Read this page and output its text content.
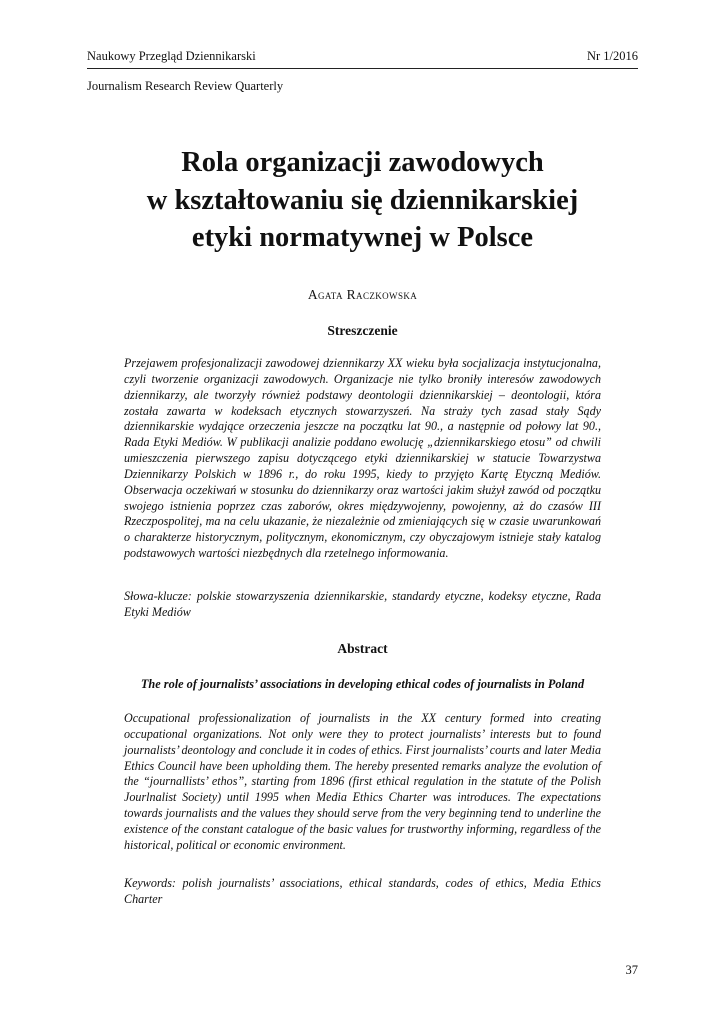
Naukowy Przegląd Dziennikarski	Nr 1/2016
Journalism Research Review Quarterly
Rola organizacji zawodowych
w kształtowaniu się dziennikarskiej
etyki normatywnej w Polsce
Agata Raczkowska
Streszczenie

Przejawem profesjonalizacji zawodowej dziennikarzy XX wieku była socjalizacja instytucjonalna, czyli tworzenie organizacji zawodowych. Organizacje nie tylko broniły interesów zawodowych dziennikarzy, ale tworzyły również podstawy deontologii dziennikarskiej – deontologii, która została zawarta w kodeksach etycznych stowarzyszeń. Na straży tych zasad stały Sądy dziennikarskie wydające orzeczenia jeszcze na początku lat 90., a następnie od połowy lat 90., Rada Etyki Mediów. W publikacji analizie poddano ewolucję „dziennikarskiego etosu” od chwili umieszczenia pierwszego zapisu dotyczącego etyki dziennikarskiej w statucie Towarzystwa Dziennikarzy Polskich w 1896 r., do roku 1995, kiedy to przyjęto Kartę Etyczną Mediów. Obserwacja oczekiwań w stosunku do dziennikarzy oraz wartości jakim służył zawód od początku swojego istnienia poprzez czas zaborów, okres międzywojenny, powojenny, aż do czasów III Rzeczpospolitej, ma na celu ukazanie, że niezależnie od zmieniających się w czasie uwarunkowań o charakterze historycznym, politycznym, ekonomicznym, czy obyczajowym istnieje stały katalog podstawowych wartości niezbędnych dla rzetelnego informowania.

Słowa-klucze: polskie stowarzyszenia dziennikarskie, standardy etyczne, kodeksy etyczne, Rada Etyki Mediów

Abstract

The role of journalists’ associations in developing ethical codes of journalists in Poland

Occupational professionalization of journalists in the XX century formed into creating occupational organizations. Not only were they to protect journalists’ interests but to found journalists’ deontology and conclude it in codes of ethics. First journalists’ courts and later Media Ethics Council have been upholding them. The hereby presented remarks analyze the evolution of the “journallists’ ethos”, starting from 1896 (first ethical regulation in the statute of the Polish Jourlnalist Society) until 1995 when Media Ethics Charter was introduces. The expectations towards journalists and the values they should serve from the very beginning tend to underline the existence of the constant catalogue of the basic values for trustworthy informing, regardless of the historical, political or economic environment.

Keywords: polish journalists’ associations, ethical standards, codes of ethics, Media Ethics Charter

37
